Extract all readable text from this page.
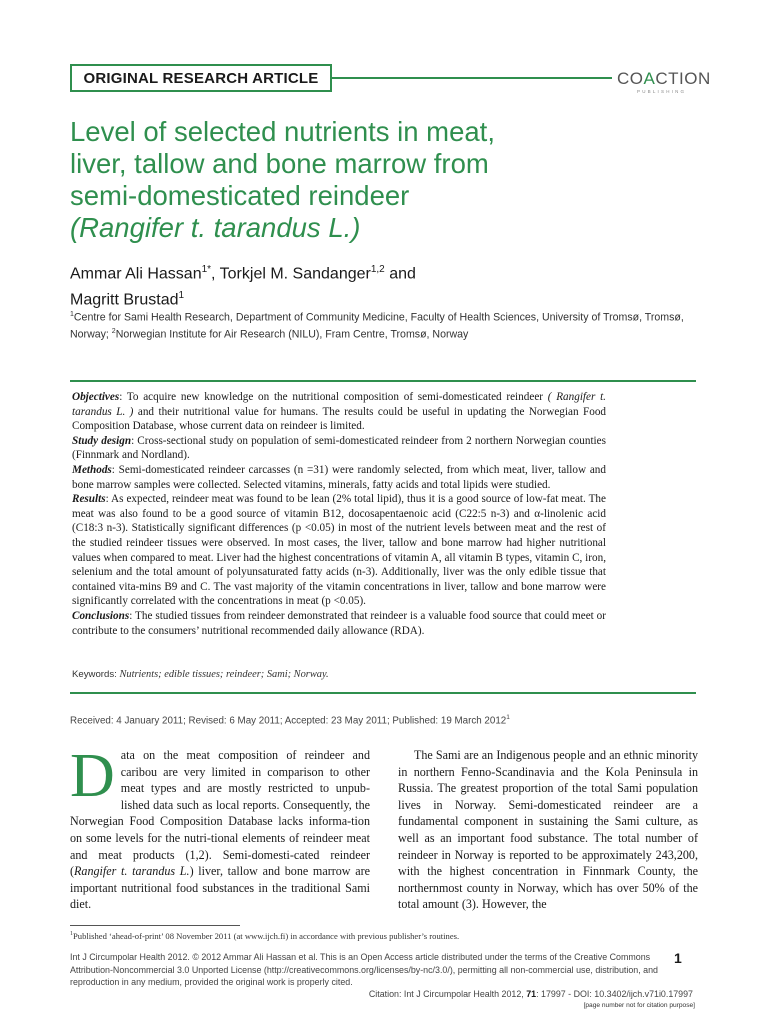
ORIGINAL RESEARCH ARTICLE	COACTION
PUBLISHING
Level of selected nutrients in meat,
liver, tallow and bone marrow from
semi-domesticated reindeer
(Rangifer t. tarandus L.)
Ammar Ali Hassan$^{1*}$, Torkjel M. Sandanger$^{1,2}$ and
Magritt Brustad$^1$
$^1$Centre for Sami Health Research, Department of Community Medicine, Faculty of Health Sciences, University of Tromsø, Tromsø, Norway; $^2$Norwegian Institute for Air Research (NILU), Fram Centre, Tromsø, Norway

Objectives: To acquire new knowledge on the nutritional composition of semi-domesticated reindeer ( Rangifer t. tarandus L. ) and their nutritional value for humans. The results could be useful in updating the Norwegian Food Composition Database, whose current data on reindeer is limited.

Study design: Cross-sectional study on population of semi-domesticated reindeer from 2 northern Norwegian counties (Finnmark and Nordland).

Methods: Semi-domesticated reindeer carcasses (n =31) were randomly selected, from which meat, liver, tallow and bone marrow samples were collected. Selected vitamins, minerals, fatty acids and total lipids were studied.

Results: As expected, reindeer meat was found to be lean (2% total lipid), thus it is a good source of low-fat meat. The meat was also found to be a good source of vitamin B12, docosapentaenoic acid (C22:5 n-3) and α-linolenic acid (C18:3 n-3). Statistically significant differences (p <0.05) in most of the nutrient levels between meat and the rest of the studied reindeer tissues were observed. In most cases, the liver, tallow and bone marrow had higher nutritional values when compared to meat. Liver had the highest concentrations of vitamin A, all vitamin B types, vitamin C, iron, selenium and the total amount of polyunsaturated fatty acids (n-3). Additionally, liver was the only edible tissue that contained vita-mins B9 and C. The vast majority of the vitamin concentrations in liver, tallow and bone marrow were significantly correlated with the concentrations in meat (p <0.05).

Conclusions: The studied tissues from reindeer demonstrated that reindeer is a valuable food source that could meet or contribute to the consumers’ nutritional recommended daily allowance (RDA).

Keywords: Nutrients; edible tissues; reindeer; Sami; Norway.
Received: 4 January 2011; Revised: 6 May 2011; Accepted: 23 May 2011; Published: 19 March 2012$^1$

Data on the meat composition of reindeer and caribou are very limited in comparison to other meat types and are mostly restricted to unpub-lished data such as local reports. Consequently, the Norwegian Food Composition Database lacks informa-tion on some levels for the nutri-tional elements of reindeer meat and meat products (1,2). Semi-domesti-cated reindeer (Rangifer t. tarandus L.) liver, tallow and bone marrow are important nutritional food substances in the traditional Sami diet.

The Sami are an Indigenous people and an ethnic minority in northern Fenno-Scandinavia and the Kola Peninsula in Russia. The greatest proportion of the total Sami population lives in Norway. Semi-domesticated reindeer are a fundamental component in sustaining the Sami culture, as well as an important food substance. The total number of reindeer in Norway is reported to be approximately 243,200, with the highest concentration in Finnmark County, the northernmost county in Norway, which has over 50% of the total amount (3). However, the

$^1$Published ‘ahead-of-print’ 08 November 2011 (at www.ijch.fi) in accordance with previous publisher’s routines.
Int J Circumpolar Health 2012. © 2012 Ammar Ali Hassan et al. This is an Open Access article distributed under the terms of the Creative Commons Attribution-Noncommercial 3.0 Unported License (http://creativecommons.org/licenses/by-nc/3.0/), permitting all non-commercial use, distribution, and reproduction in any medium, provided the original work is properly cited.
1
Citation: Int J Circumpolar Health 2012, 71: 17997 - DOI: 10.3402/ijch.v71i0.17997
[page number not for citation purpose]
